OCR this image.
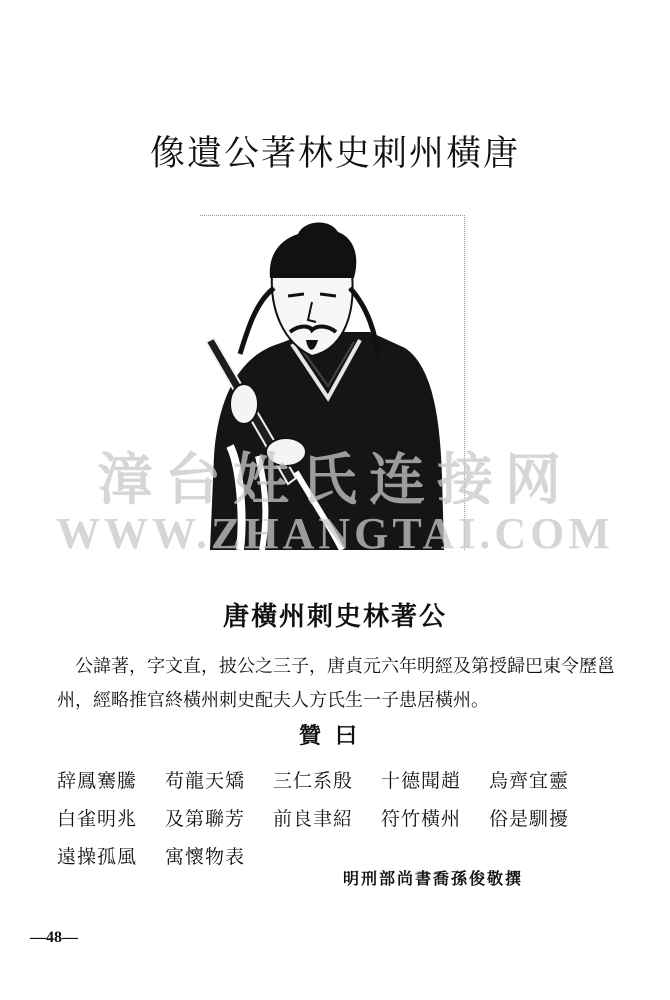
像遺公著林史刺州橫唐
漳台姓氏连接网
WWW.ZHANGTAI.COM
唐橫州刺史林著公
公諱著，字文直，披公之三子，唐貞元六年明經及第授歸巴東令歷邕州，經略推官終橫州刺史配夫人方氏生一子患居橫州。
贊曰
辞鳳騫騰	苟龍天矯	三仁系殷	十德聞趙	烏齊宜靈
白雀明兆	及第聯芳	前良聿紹	符竹橫州	俗是馴擾
遠操孤風	寓懷物表
明刑部尚書喬孫俊敬撰
—48—
